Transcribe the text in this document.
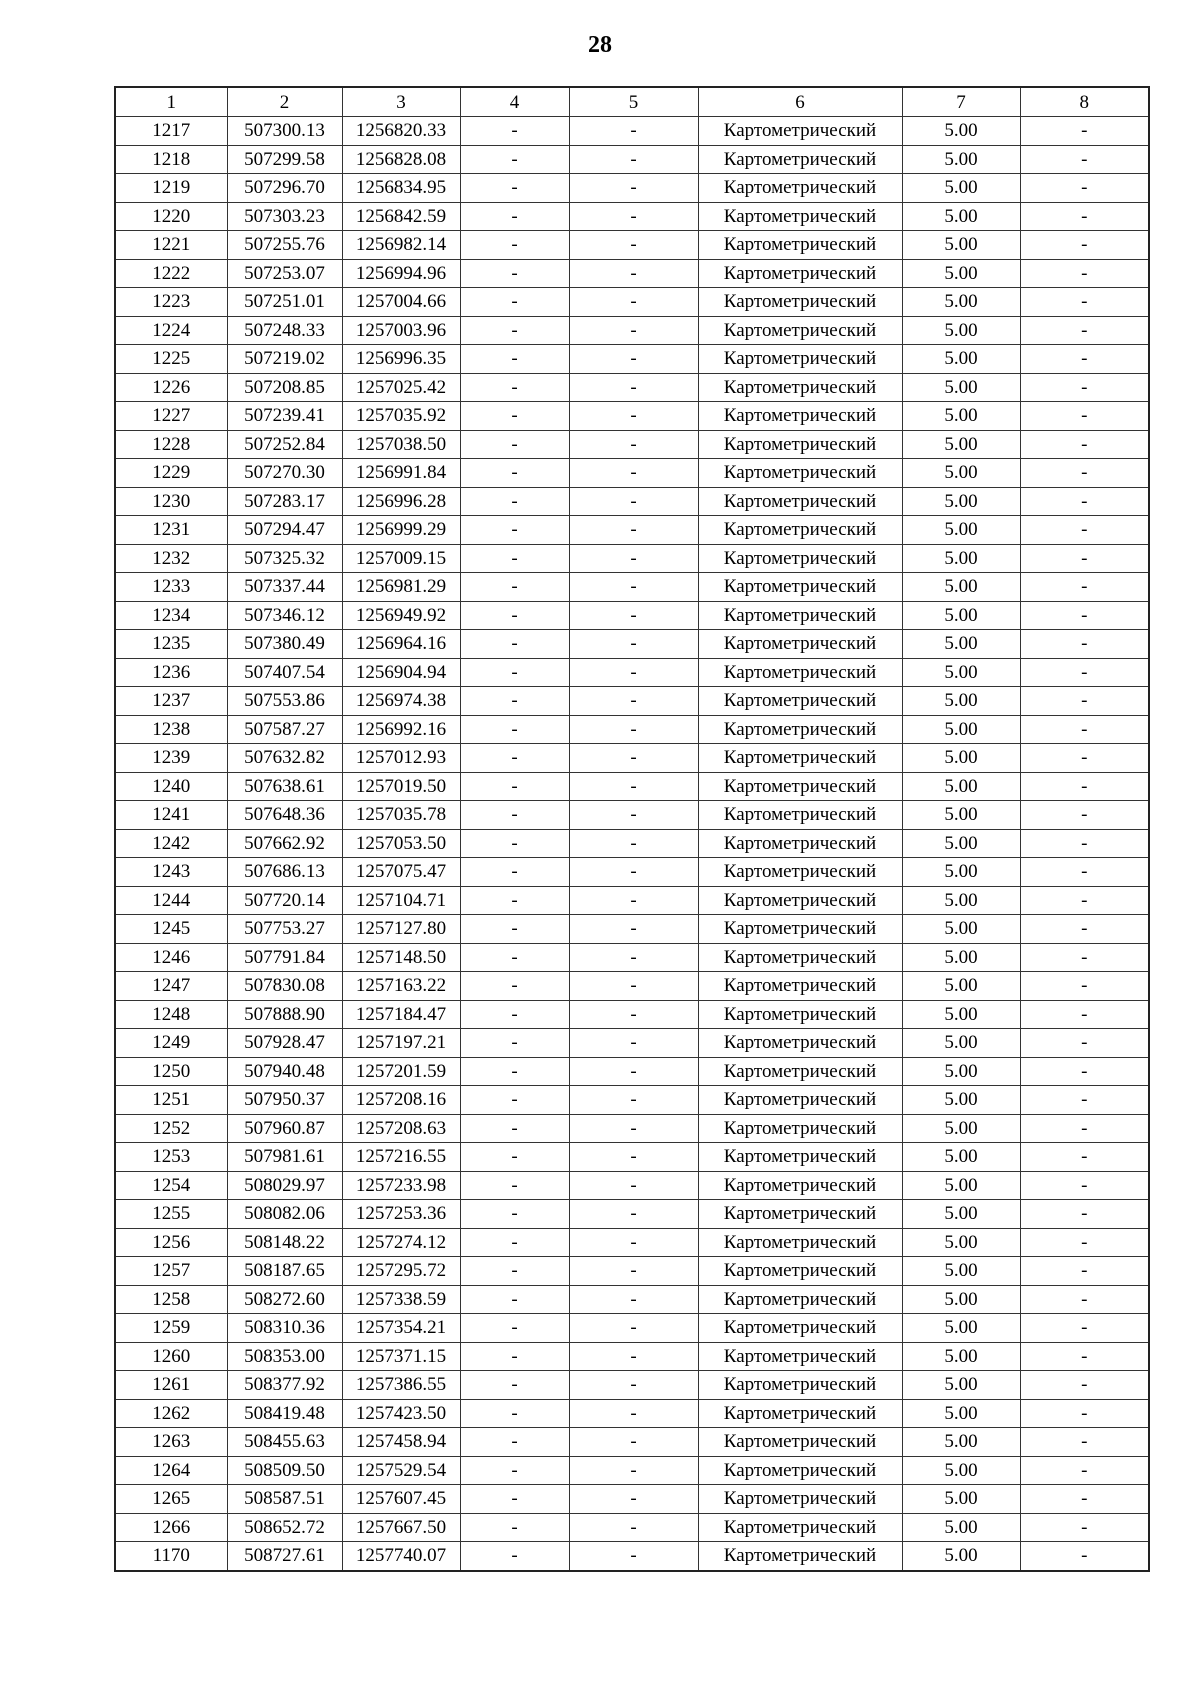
28
1	2	3	4	5	6	7	8
1217	507300.13	1256820.33	-	-	Картометрический	5.00	-
1218	507299.58	1256828.08	-	-	Картометрический	5.00	-
1219	507296.70	1256834.95	-	-	Картометрический	5.00	-
1220	507303.23	1256842.59	-	-	Картометрический	5.00	-
1221	507255.76	1256982.14	-	-	Картометрический	5.00	-
1222	507253.07	1256994.96	-	-	Картометрический	5.00	-
1223	507251.01	1257004.66	-	-	Картометрический	5.00	-
1224	507248.33	1257003.96	-	-	Картометрический	5.00	-
1225	507219.02	1256996.35	-	-	Картометрический	5.00	-
1226	507208.85	1257025.42	-	-	Картометрический	5.00	-
1227	507239.41	1257035.92	-	-	Картометрический	5.00	-
1228	507252.84	1257038.50	-	-	Картометрический	5.00	-
1229	507270.30	1256991.84	-	-	Картометрический	5.00	-
1230	507283.17	1256996.28	-	-	Картометрический	5.00	-
1231	507294.47	1256999.29	-	-	Картометрический	5.00	-
1232	507325.32	1257009.15	-	-	Картометрический	5.00	-
1233	507337.44	1256981.29	-	-	Картометрический	5.00	-
1234	507346.12	1256949.92	-	-	Картометрический	5.00	-
1235	507380.49	1256964.16	-	-	Картометрический	5.00	-
1236	507407.54	1256904.94	-	-	Картометрический	5.00	-
1237	507553.86	1256974.38	-	-	Картометрический	5.00	-
1238	507587.27	1256992.16	-	-	Картометрический	5.00	-
1239	507632.82	1257012.93	-	-	Картометрический	5.00	-
1240	507638.61	1257019.50	-	-	Картометрический	5.00	-
1241	507648.36	1257035.78	-	-	Картометрический	5.00	-
1242	507662.92	1257053.50	-	-	Картометрический	5.00	-
1243	507686.13	1257075.47	-	-	Картометрический	5.00	-
1244	507720.14	1257104.71	-	-	Картометрический	5.00	-
1245	507753.27	1257127.80	-	-	Картометрический	5.00	-
1246	507791.84	1257148.50	-	-	Картометрический	5.00	-
1247	507830.08	1257163.22	-	-	Картометрический	5.00	-
1248	507888.90	1257184.47	-	-	Картометрический	5.00	-
1249	507928.47	1257197.21	-	-	Картометрический	5.00	-
1250	507940.48	1257201.59	-	-	Картометрический	5.00	-
1251	507950.37	1257208.16	-	-	Картометрический	5.00	-
1252	507960.87	1257208.63	-	-	Картометрический	5.00	-
1253	507981.61	1257216.55	-	-	Картометрический	5.00	-
1254	508029.97	1257233.98	-	-	Картометрический	5.00	-
1255	508082.06	1257253.36	-	-	Картометрический	5.00	-
1256	508148.22	1257274.12	-	-	Картометрический	5.00	-
1257	508187.65	1257295.72	-	-	Картометрический	5.00	-
1258	508272.60	1257338.59	-	-	Картометрический	5.00	-
1259	508310.36	1257354.21	-	-	Картометрический	5.00	-
1260	508353.00	1257371.15	-	-	Картометрический	5.00	-
1261	508377.92	1257386.55	-	-	Картометрический	5.00	-
1262	508419.48	1257423.50	-	-	Картометрический	5.00	-
1263	508455.63	1257458.94	-	-	Картометрический	5.00	-
1264	508509.50	1257529.54	-	-	Картометрический	5.00	-
1265	508587.51	1257607.45	-	-	Картометрический	5.00	-
1266	508652.72	1257667.50	-	-	Картометрический	5.00	-
1170	508727.61	1257740.07	-	-	Картометрический	5.00	-
